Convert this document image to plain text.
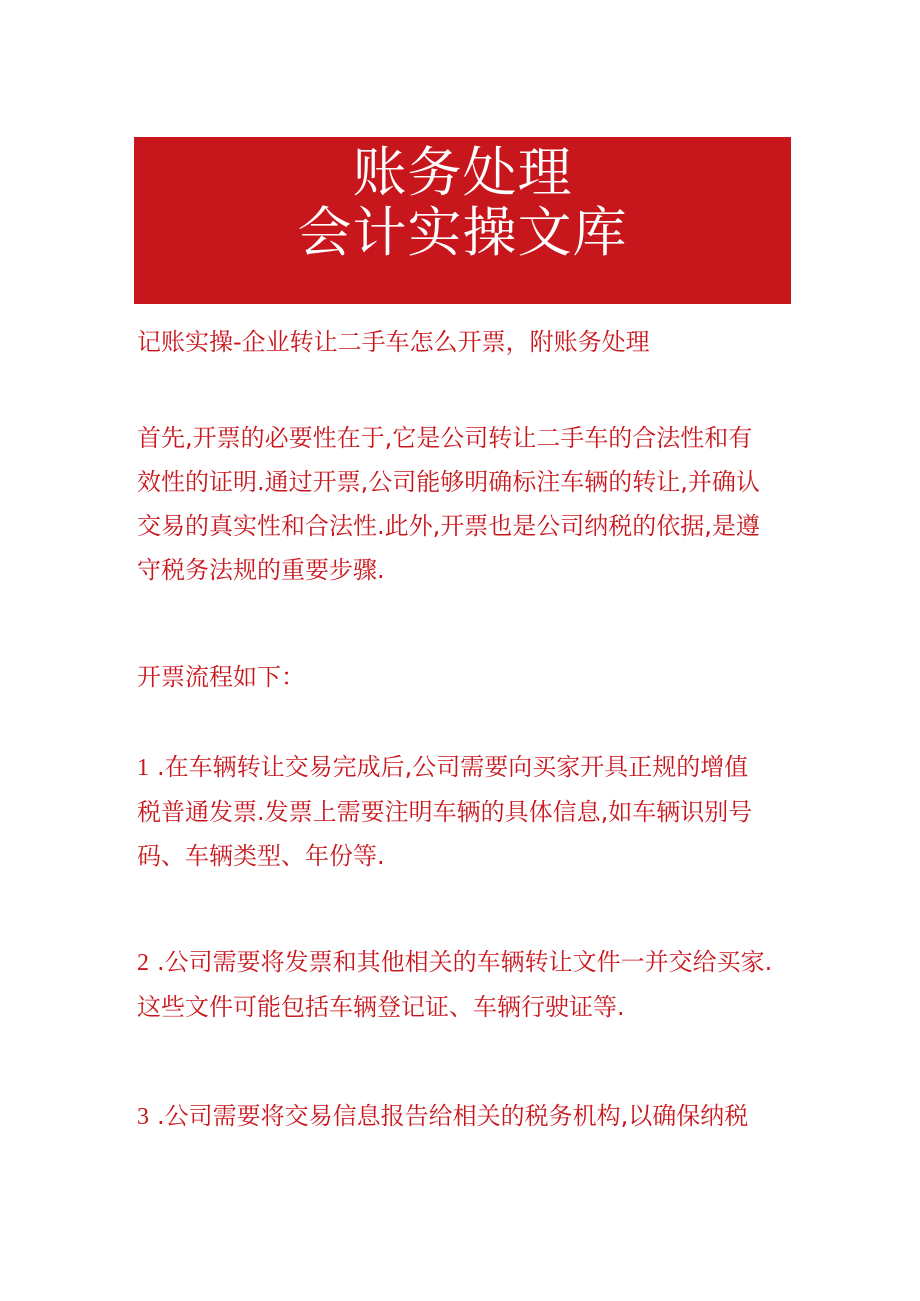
账务处理
会计实操文库
记账实操-企业转让二手车怎么开票，附账务处理
首先,开票的必要性在于,它是公司转让二手车的合法性和有
效性的证明.通过开票,公司能够明确标注车辆的转让,并确认
交易的真实性和合法性.此外,开票也是公司纳税的依据,是遵
守税务法规的重要步骤.
开票流程如下：
1 .在车辆转让交易完成后,公司需要向买家开具正规的增值
税普通发票.发票上需要注明车辆的具体信息,如车辆识别号
码、车辆类型、年份等.
2 .公司需要将发票和其他相关的车辆转让文件一并交给买家.
这些文件可能包括车辆登记证、车辆行驶证等.
3 .公司需要将交易信息报告给相关的税务机构,以确保纳税
